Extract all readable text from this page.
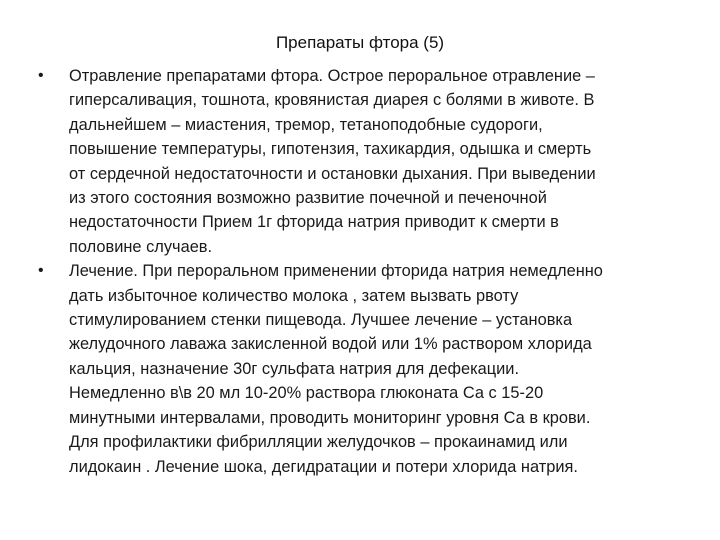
Препараты фтора (5)
•	Отравление препаратами фтора. Острое пероральное отравление –
гиперсаливация, тошнота, кровянистая диарея с болями в животе. В
дальнейшем – миастения, тремор, тетаноподобные судороги,
повышение температуры, гипотензия, тахикардия, одышка и смерть
от сердечной недостаточности и остановки дыхания. При выведении
из этого состояния возможно развитие почечной и печеночной
недостаточности Прием 1г фторида натрия приводит к смерти в
половине случаев.
•	Лечение. При пероральном применении фторида натрия немедленно
дать избыточное количество молока , затем вызвать рвоту
стимулированием стенки пищевода. Лучшее лечение – установка
желудочного лаважа закисленной водой или 1% раствором хлорида
кальция, назначение 30г сульфата натрия для дефекации.
Немедленно в\в 20 мл 10-20% раствора глюконата Са с 15-20
минутными интервалами, проводить мониторинг уровня Са в крови.
Для профилактики фибрилляции желудочков – прокаинамид или
лидокаин . Лечение шока, дегидратации и потери хлорида натрия.
